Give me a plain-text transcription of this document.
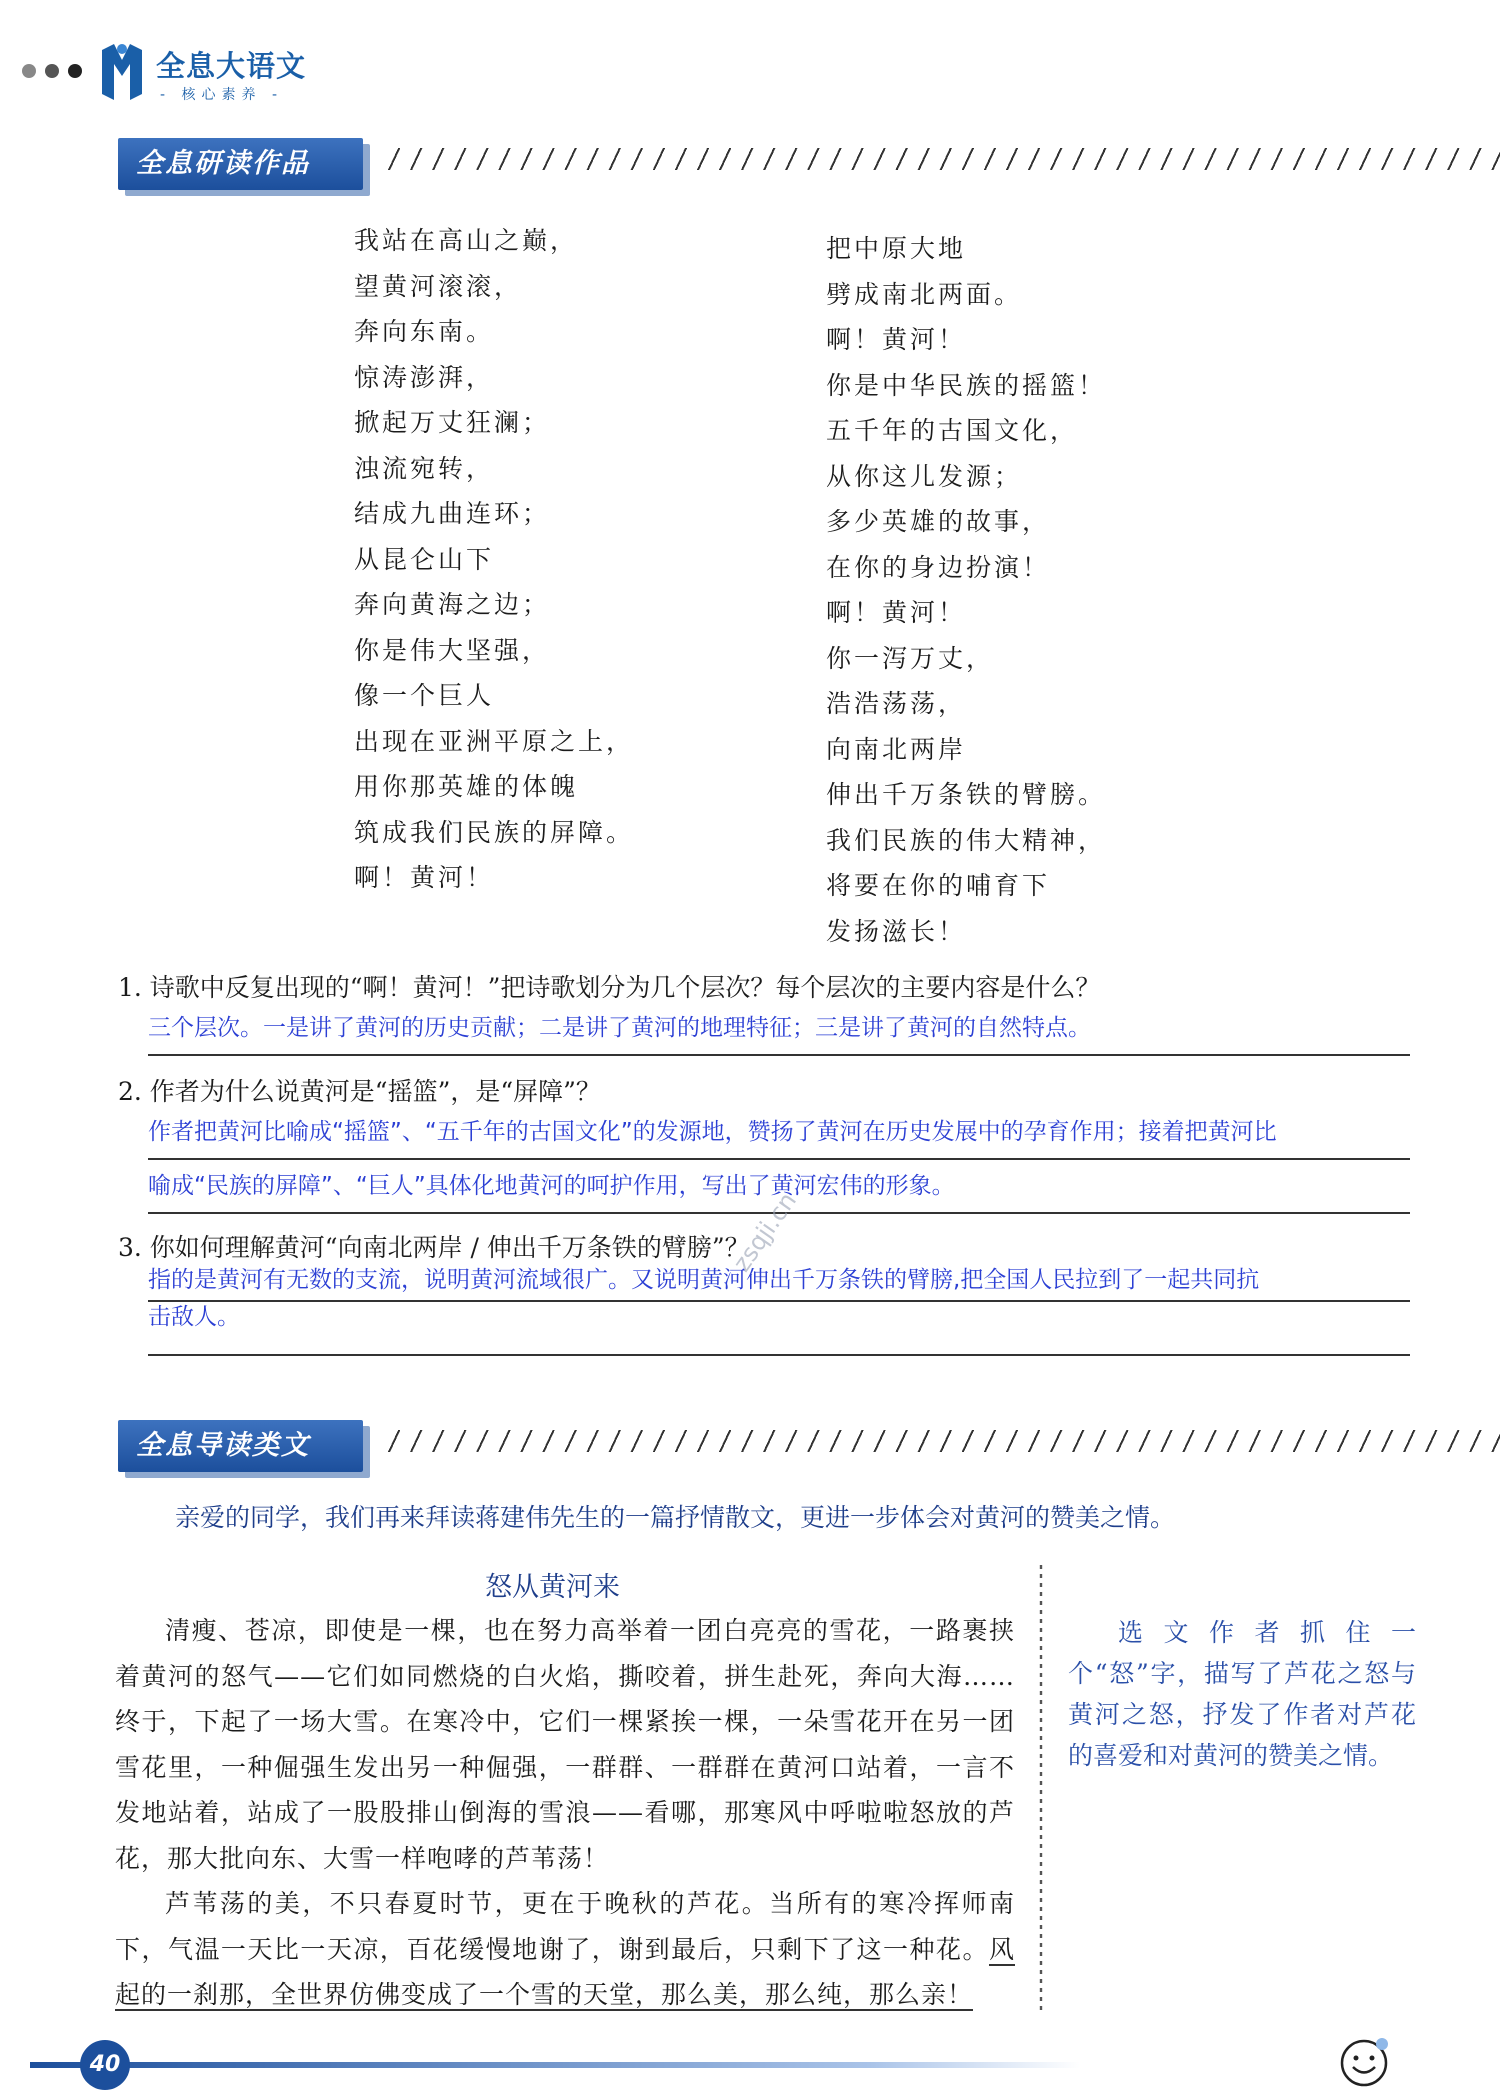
全息大语文
- 核心素养 -
全息研读作品
我站在高山之巅，
望黄河滚滚，
奔向东南。
惊涛澎湃，
掀起万丈狂澜；
浊流宛转，
结成九曲连环；
从昆仑山下
奔向黄海之边；
你是伟大坚强，
像一个巨人
出现在亚洲平原之上，
用你那英雄的体魄
筑成我们民族的屏障。
啊！黄河！
把中原大地
劈成南北两面。
啊！黄河！
你是中华民族的摇篮！
五千年的古国文化，
从你这儿发源；
多少英雄的故事，
在你的身边扮演！
啊！黄河！
你一泻万丈，
浩浩荡荡，
向南北两岸
伸出千万条铁的臂膀。
我们民族的伟大精神，
将要在你的哺育下
发扬滋长！
1. 诗歌中反复出现的“啊！黄河！”把诗歌划分为几个层次？每个层次的主要内容是什么？
三个层次。一是讲了黄河的历史贡献；二是讲了黄河的地理特征；三是讲了黄河的自然特点。
2. 作者为什么说黄河是“摇篮”，是“屏障”？
作者把黄河比喻成“摇篮”、“五千年的古国文化”的发源地，赞扬了黄河在历史发展中的孕育作用；接着把黄河比
喻成“民族的屏障”、“巨人”具体化地黄河的呵护作用，写出了黄河宏伟的形象。
3. 你如何理解黄河“向南北两岸 / 伸出千万条铁的臂膀”？
指的是黄河有无数的支流，说明黄河流域很广。又说明黄河伸出千万条铁的臂膀,把全国人民拉到了一起共同抗
击敌人。
zsqji.cn
全息导读类文
亲爱的同学，我们再来拜读蒋建伟先生的一篇抒情散文，更进一步体会对黄河的赞美之情。
怒从黄河来

清瘦、苍凉，即使是一棵，也在努力高举着一团白亮亮的雪花，一路裹挟着黄河的怒气——它们如同燃烧的白火焰，撕咬着，拼生赴死，奔向大海……终于，下起了一场大雪。在寒冷中，它们一棵紧挨一棵，一朵雪花开在另一团雪花里，一种倔强生发出另一种倔强，一群群、一群群在黄河口站着，一言不发地站着，站成了一股股排山倒海的雪浪——看哪，那寒风中呼啦啦怒放的芦花，那大批向东、大雪一样咆哮的芦苇荡！

芦苇荡的美，不只春夏时节，更在于晚秋的芦花。当所有的寒冷挥师南下，气温一天比一天凉，百花缓慢地谢了，谢到最后，只剩下了这一种花。风起的一刹那，全世界仿佛变成了一个雪的天堂，那么美，那么纯，那么亲！

选文作者抓住一个“怒”字，描写了芦花之怒与黄河之怒，抒发了作者对芦花的喜爱和对黄河的赞美之情。
40
